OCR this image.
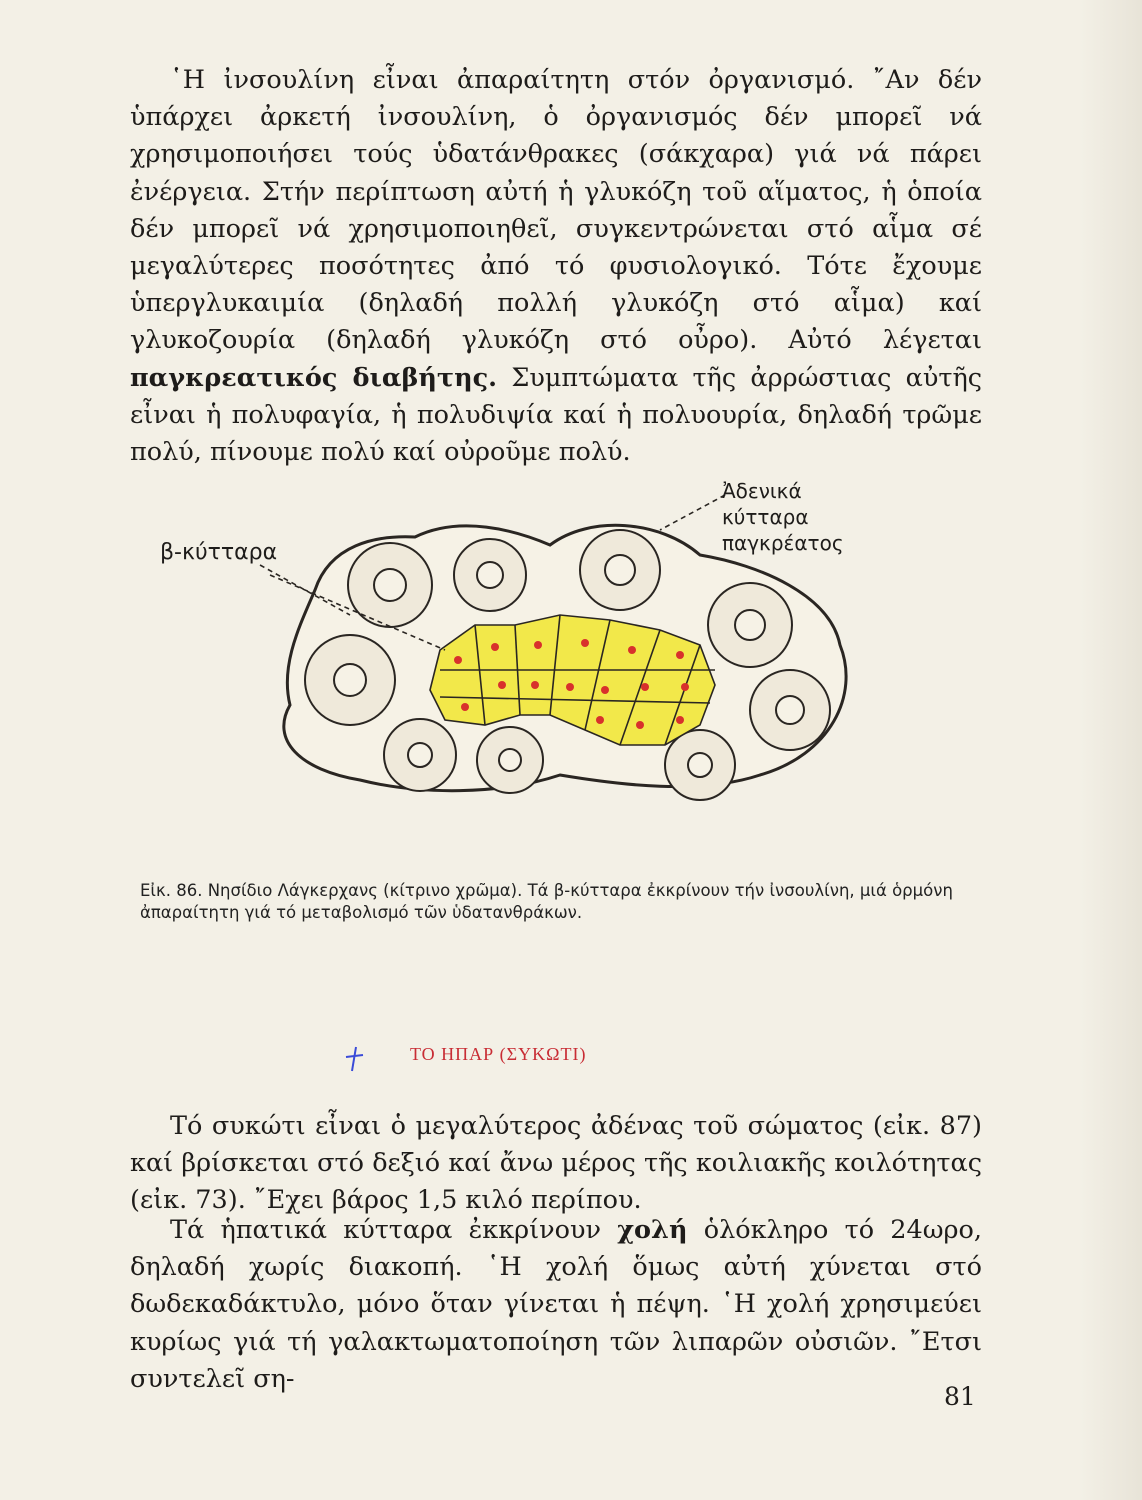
῾Η ἰνσουλίνη εἶναι ἀπαραίτητη στόν ὀργανισμό. ῎Αν δέν ὑπάρχει ἀρκετή ἰνσουλίνη, ὁ ὀργανισμός δέν μπορεῖ νά χρησιμοποιήσει τούς ὑδατάνθρακες (σάκχαρα) γιά νά πάρει ἐνέργεια. Στήν περίπτωση αὐτή ἡ γλυκόζη τοῦ αἵματος, ἡ ὁποία δέν μπορεῖ νά χρησιμοποιηθεῖ, συγκεντρώνεται στό αἷμα σέ μεγαλύτερες ποσότητες ἀπό τό φυσιολογικό. Τότε ἔχουμε ὑπεργλυκαιμία (δηλαδή πολλή γλυκόζη στό αἷμα) καί γλυκοζουρία (δηλαδή γλυκόζη στό οὖρο). Αὐτό λέγεται παγκρεατικός διαβήτης. Συμπτώματα τῆς ἀρρώστιας αὐτῆς εἶναι ἡ πολυφαγία, ἡ πολυδιψία καί ἡ πολυουρία, δηλαδή τρῶμε πολύ, πίνουμε πολύ καί οὐροῦμε πολύ.

β-κύτταρα
Ἀδενικά κύτταρα παγκρέατος
Εἰκ. 86. Νησίδιο Λάγκερχανς (κίτρινο χρῶμα). Τά β-κύτταρα ἐκκρίνουν τήν ἰνσουλίνη, μιά ὁρμόνη ἀπαραίτητη γιά τό μεταβολισμό τῶν ὑδατανθράκων.
ΤΟ ΗΠΑΡ (ΣΥΚΩΤΙ)

Τό συκώτι εἶναι ὁ μεγαλύτερος ἀδένας τοῦ σώματος (εἰκ. 87) καί βρίσκεται στό δεξιό καί ἄνω μέρος τῆς κοιλιακῆς κοιλότητας (εἰκ. 73). ῎Εχει βάρος 1,5 κιλό περίπου.

Τά ἡπατικά κύτταρα ἐκκρίνουν χολή ὁλόκληρο τό 24ωρο, δηλαδή χωρίς διακοπή. ῾Η χολή ὅμως αὐτή χύνεται στό δωδεκαδάκτυλο, μόνο ὅταν γίνεται ἡ πέψη. ῾Η χολή χρησιμεύει κυρίως γιά τή γαλακτωματοποίηση τῶν λιπαρῶν οὐσιῶν. ῎Ετσι συντελεῖ ση-

81
